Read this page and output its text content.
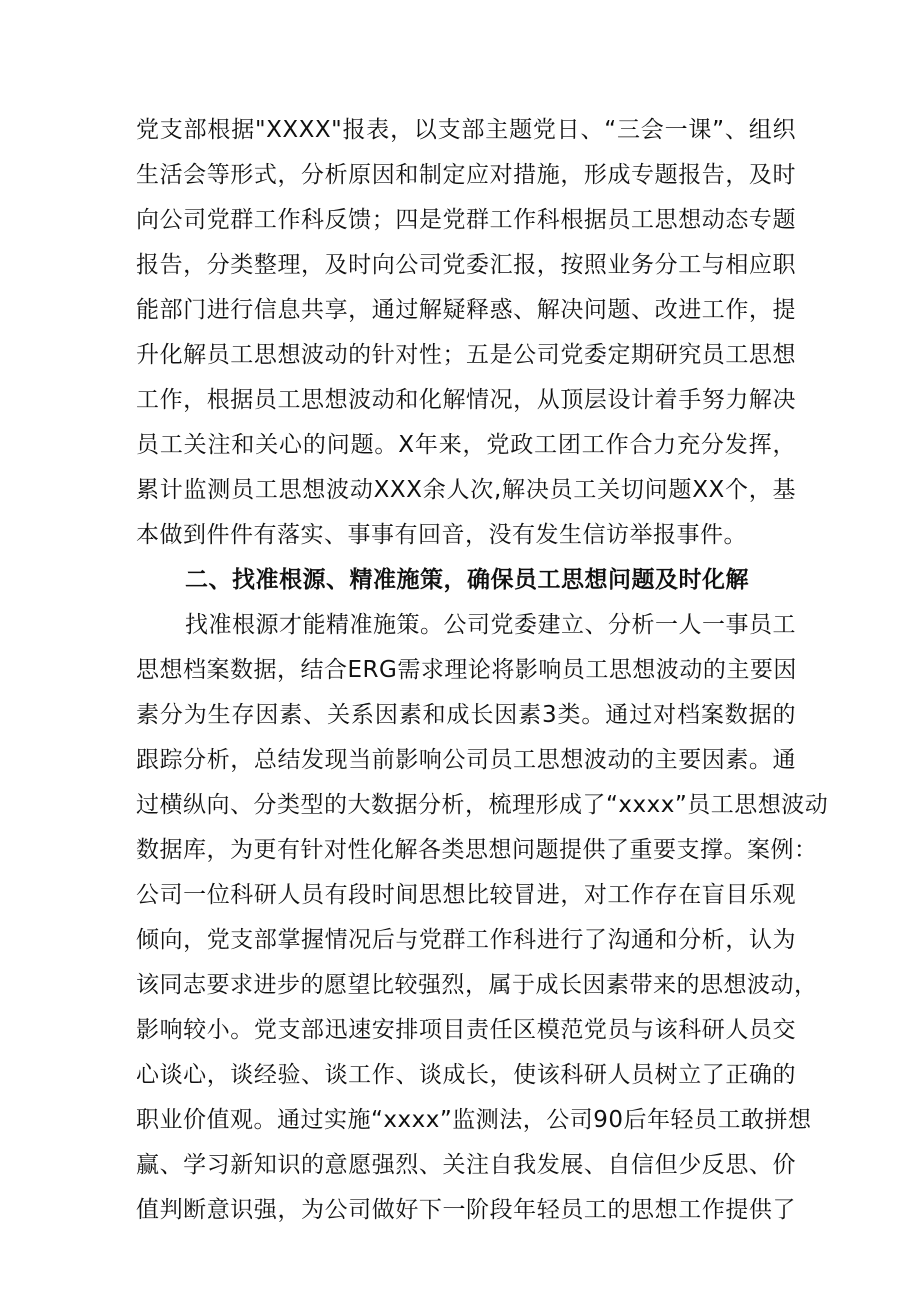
党支部根据"XXXX"报表，以支部主题党日、“三会一课”、组织
生活会等形式，分析原因和制定应对措施，形成专题报告，及时
向公司党群工作科反馈；四是党群工作科根据员工思想动态专题
报告，分类整理，及时向公司党委汇报，按照业务分工与相应职
能部门进行信息共享，通过解疑释惑、解决问题、改进工作，提
升化解员工思想波动的针对性；五是公司党委定期研究员工思想
工作，根据员工思想波动和化解情况，从顶层设计着手努力解决
员工关注和关心的问题。X年来，党政工团工作合力充分发挥，
累计监测员工思想波动XXX余人次,解决员工关切问题XX个，基
本做到件件有落实、事事有回音，没有发生信访举报事件。
二、找准根源、精准施策，确保员工思想问题及时化解
找准根源才能精准施策。公司党委建立、分析一人一事员工
思想档案数据，结合ERG需求理论将影响员工思想波动的主要因
素分为生存因素、关系因素和成长因素3类。通过对档案数据的
跟踪分析，总结发现当前影响公司员工思想波动的主要因素。通
过横纵向、分类型的大数据分析，梳理形成了“xxxx”员工思想波动
数据库，为更有针对性化解各类思想问题提供了重要支撑。案例：
公司一位科研人员有段时间思想比较冒进，对工作存在盲目乐观
倾向，党支部掌握情况后与党群工作科进行了沟通和分析，认为
该同志要求进步的愿望比较强烈，属于成长因素带来的思想波动，
影响较小。党支部迅速安排项目责任区模范党员与该科研人员交
心谈心，谈经验、谈工作、谈成长，使该科研人员树立了正确的
职业价值观。通过实施“xxxx”监测法，公司90后年轻员工敢拼想
赢、学习新知识的意愿强烈、关注自我发展、自信但少反思、价
值判断意识强，为公司做好下一阶段年轻员工的思想工作提供了
